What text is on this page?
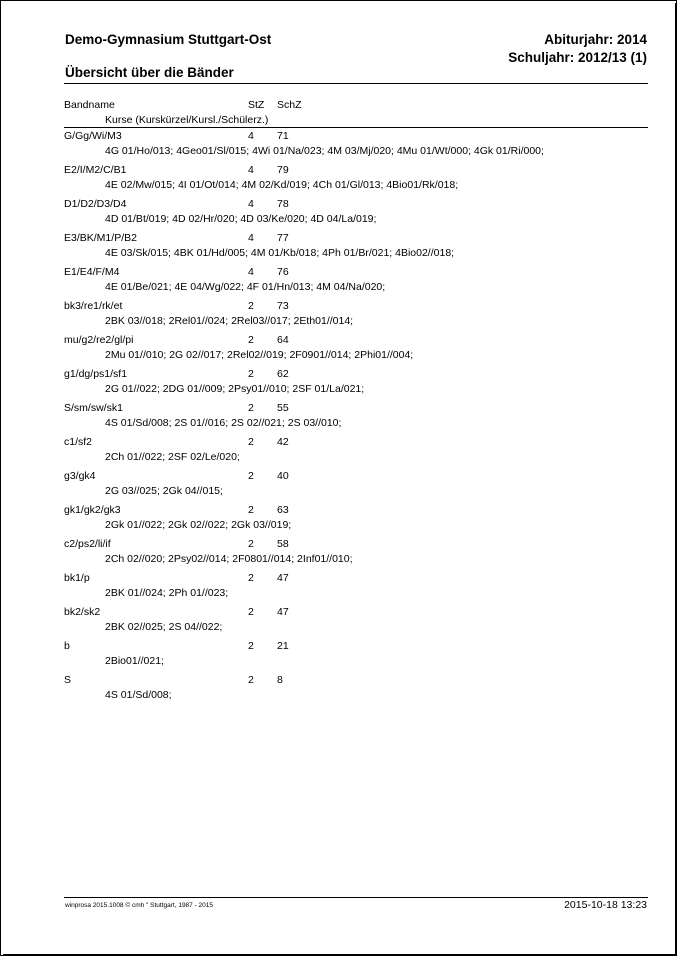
Demo-Gymnasium Stuttgart-Ost	Abiturjahr: 2014
Schuljahr: 2012/13 (1)
Übersicht über die Bänder
Bandname	StZ SchZ
Kurse (Kurskürzel/Kursl./Schülerz.)
G/Gg/Wi/M3	4 71
4G 01/Ho/013; 4Geo01/Sl/015; 4Wi 01/Na/023; 4M 03/Mj/020; 4Mu 01/Wt/000; 4Gk 01/Ri/000;
E2/I/M2/C/B1	4 79
4E 02/Mw/015; 4I 01/Ot/014; 4M 02/Kd/019; 4Ch 01/Gl/013; 4Bio01/Rk/018;
D1/D2/D3/D4	4 78
4D 01/Bt/019; 4D 02/Hr/020; 4D 03/Ke/020; 4D 04/La/019;
E3/BK/M1/P/B2	4 77
4E 03/Sk/015; 4BK 01/Hd/005; 4M 01/Kb/018; 4Ph 01/Br/021; 4Bio02//018;
E1/E4/F/M4	4 76
4E 01/Be/021; 4E 04/Wg/022; 4F 01/Hn/013; 4M 04/Na/020;
bk3/re1/rk/et	2 73
2BK 03//018; 2Rel01//024; 2Rel03//017; 2Eth01//014;
mu/g2/re2/gl/pi	2 64
2Mu 01//010; 2G 02//017; 2Rel02//019; 2F0901//014; 2Phi01//004;
g1/dg/ps1/sf1	2 62
2G 01//022; 2DG 01//009; 2Psy01//010; 2SF 01/La/021;
S/sm/sw/sk1	2 55
4S 01/Sd/008; 2S 01//016; 2S 02//021; 2S 03//010;
c1/sf2	2 42
2Ch 01//022; 2SF 02/Le/020;
g3/gk4	2 40
2G 03//025; 2Gk 04//015;
gk1/gk2/gk3	2 63
2Gk 01//022; 2Gk 02//022; 2Gk 03//019;
c2/ps2/li/if	2 58
2Ch 02//020; 2Psy02//014; 2F0801//014; 2Inf01//010;
bk1/p	2 47
2BK 01//024; 2Ph 01//023;
bk2/sk2	2 47
2BK 02//025; 2S 04//022;
b	2 21
2Bio01//021;
S	2 8
4S 01/Sd/008;
winprosa 2015.1008 © cmh " Stuttgart, 1987 - 2015	2015-10-18 13:23
